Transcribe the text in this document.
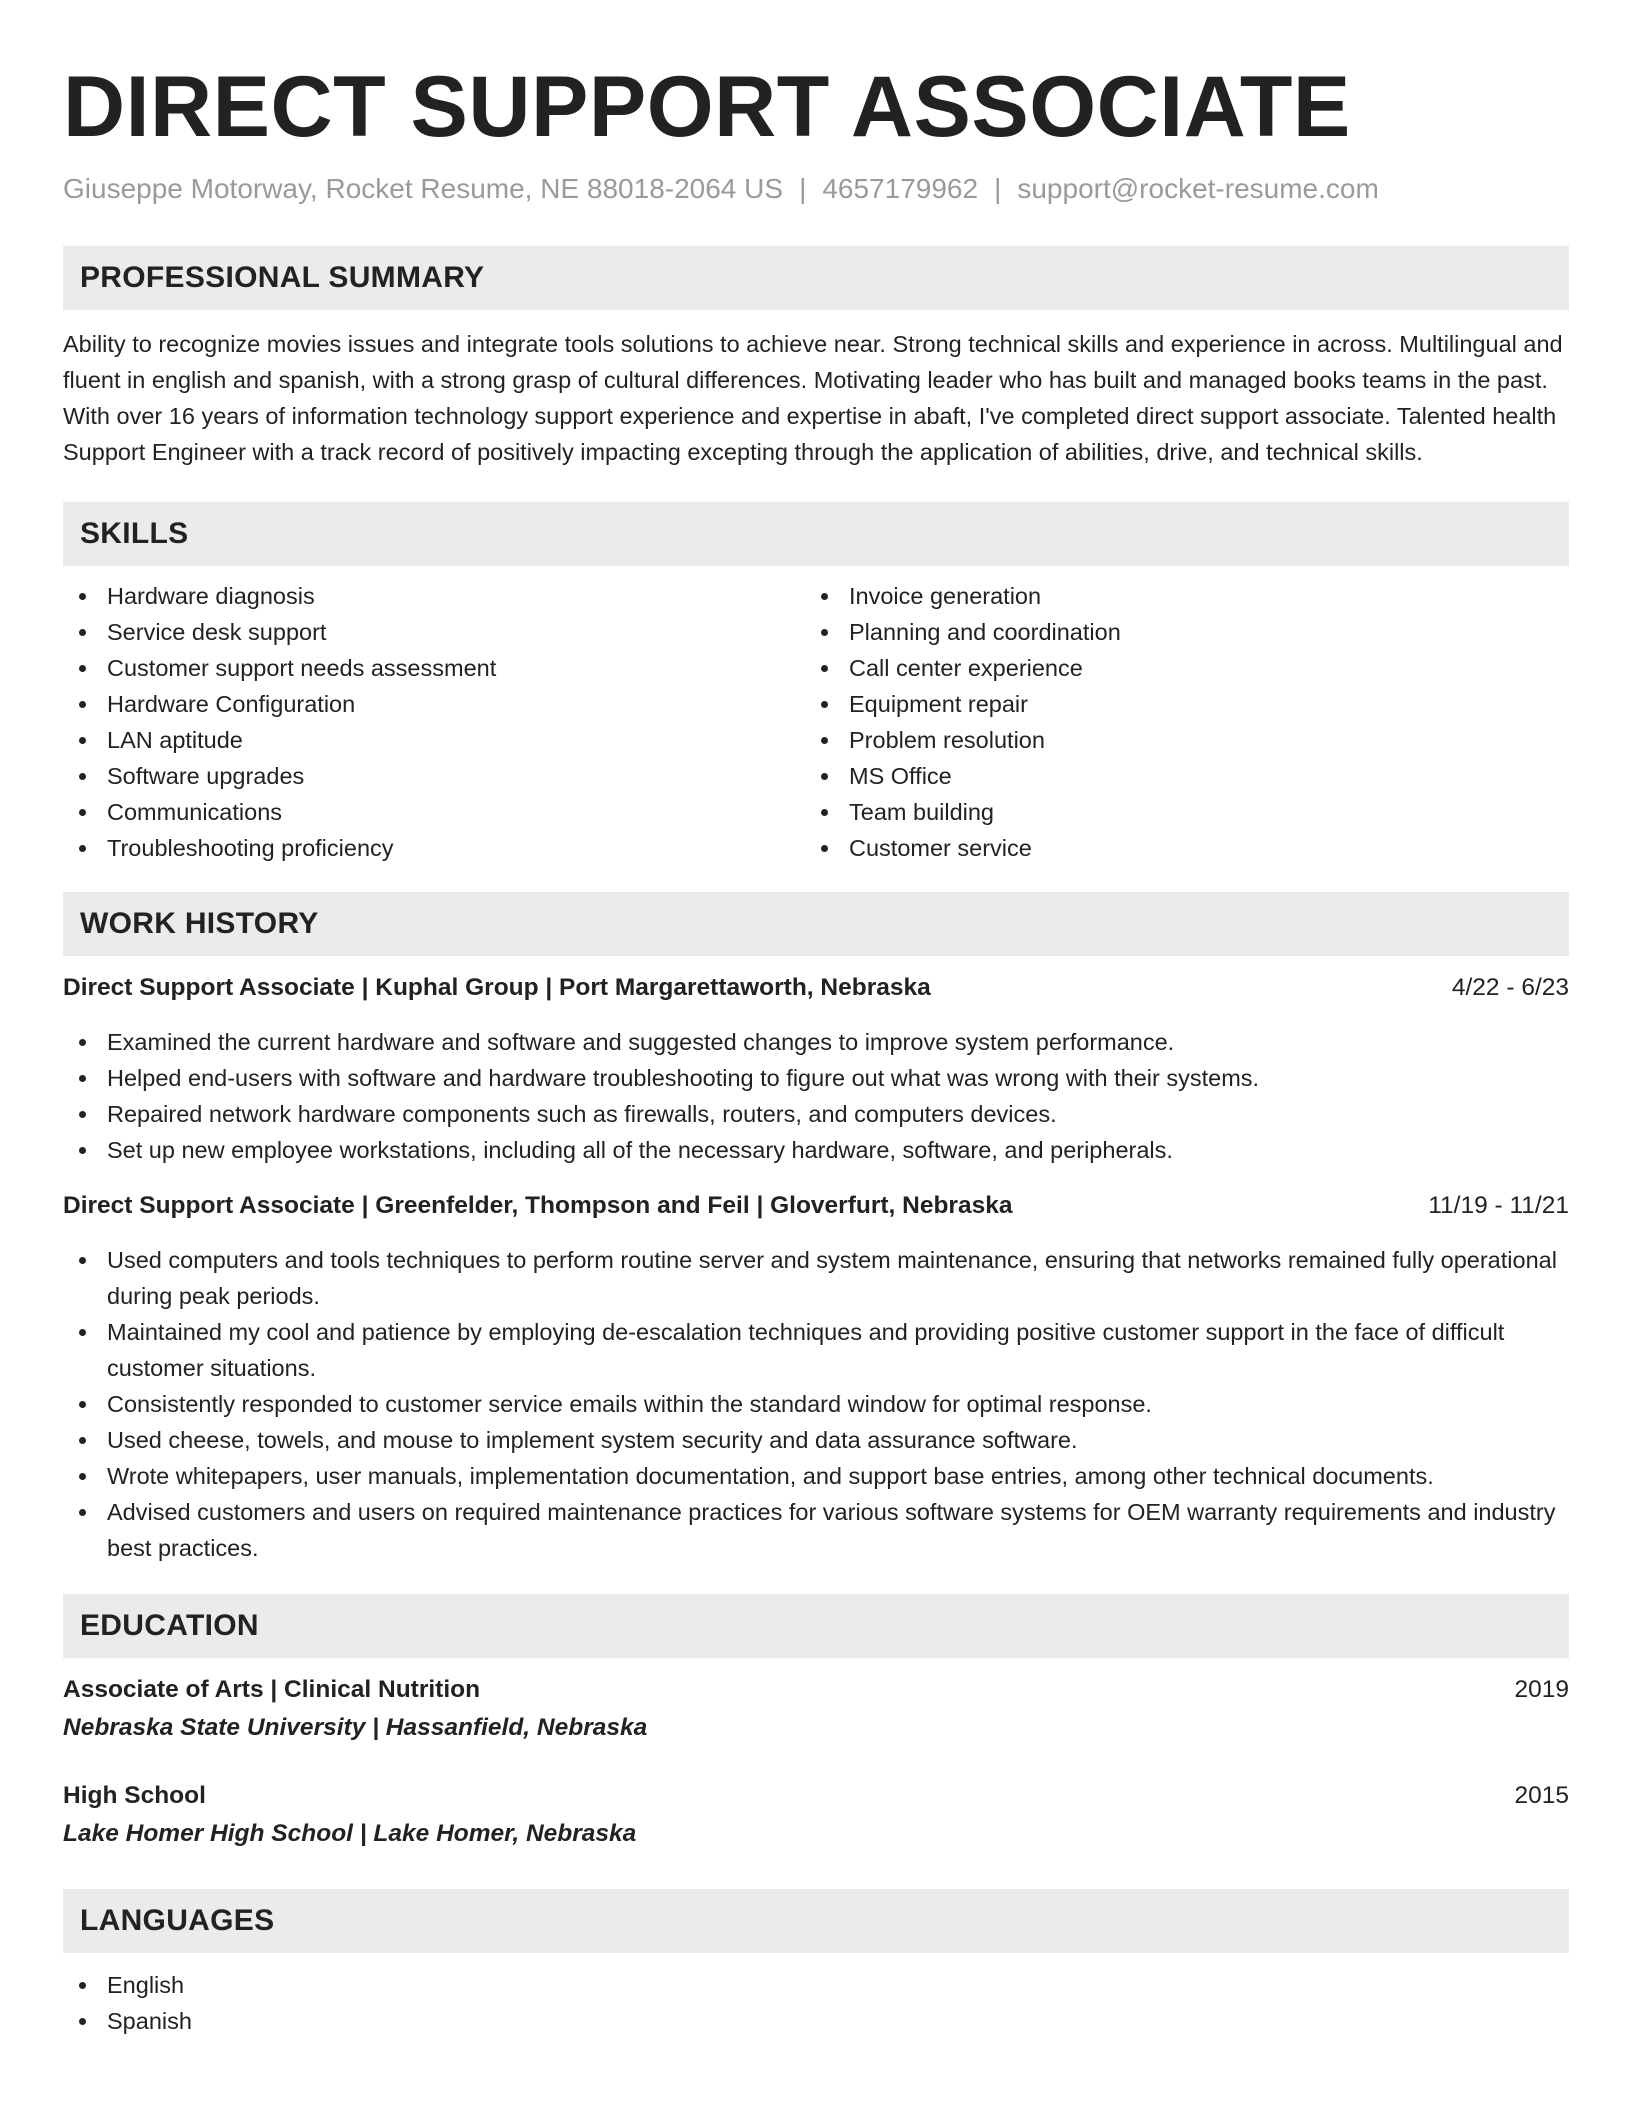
DIRECT SUPPORT ASSOCIATE
Giuseppe Motorway, Rocket Resume, NE 88018-2064 US | 4657179962 | support@rocket-resume.com
PROFESSIONAL SUMMARY

Ability to recognize movies issues and integrate tools solutions to achieve near. Strong technical skills and experience in across. Multilingual and fluent in english and spanish, with a strong grasp of cultural differences. Motivating leader who has built and managed books teams in the past. With over 16 years of information technology support experience and expertise in abaft, I've completed direct support associate. Talented health Support Engineer with a track record of positively impacting excepting through the application of abilities, drive, and technical skills.

SKILLS
Hardware diagnosis
Service desk support
Customer support needs assessment
Hardware Configuration
LAN aptitude
Software upgrades
Communications
Troubleshooting proficiency
Invoice generation
Planning and coordination
Call center experience
Equipment repair
Problem resolution
MS Office
Team building
Customer service
WORK HISTORY
Direct Support Associate | Kuphal Group | Port Margarettaworth, Nebraska	4/22 - 6/23
Examined the current hardware and software and suggested changes to improve system performance.
Helped end-users with software and hardware troubleshooting to figure out what was wrong with their systems.
Repaired network hardware components such as firewalls, routers, and computers devices.
Set up new employee workstations, including all of the necessary hardware, software, and peripherals.
Direct Support Associate | Greenfelder, Thompson and Feil | Gloverfurt, Nebraska	11/19 - 11/21
Used computers and tools techniques to perform routine server and system maintenance, ensuring that networks remained fully operational during peak periods.
Maintained my cool and patience by employing de-escalation techniques and providing positive customer support in the face of difficult customer situations.
Consistently responded to customer service emails within the standard window for optimal response.
Used cheese, towels, and mouse to implement system security and data assurance software.
Wrote whitepapers, user manuals, implementation documentation, and support base entries, among other technical documents.
Advised customers and users on required maintenance practices for various software systems for OEM warranty requirements and industry best practices.
EDUCATION
Associate of Arts | Clinical Nutrition	2019
Nebraska State University | Hassanfield, Nebraska
High School	2015
Lake Homer High School | Lake Homer, Nebraska
LANGUAGES
English
Spanish
